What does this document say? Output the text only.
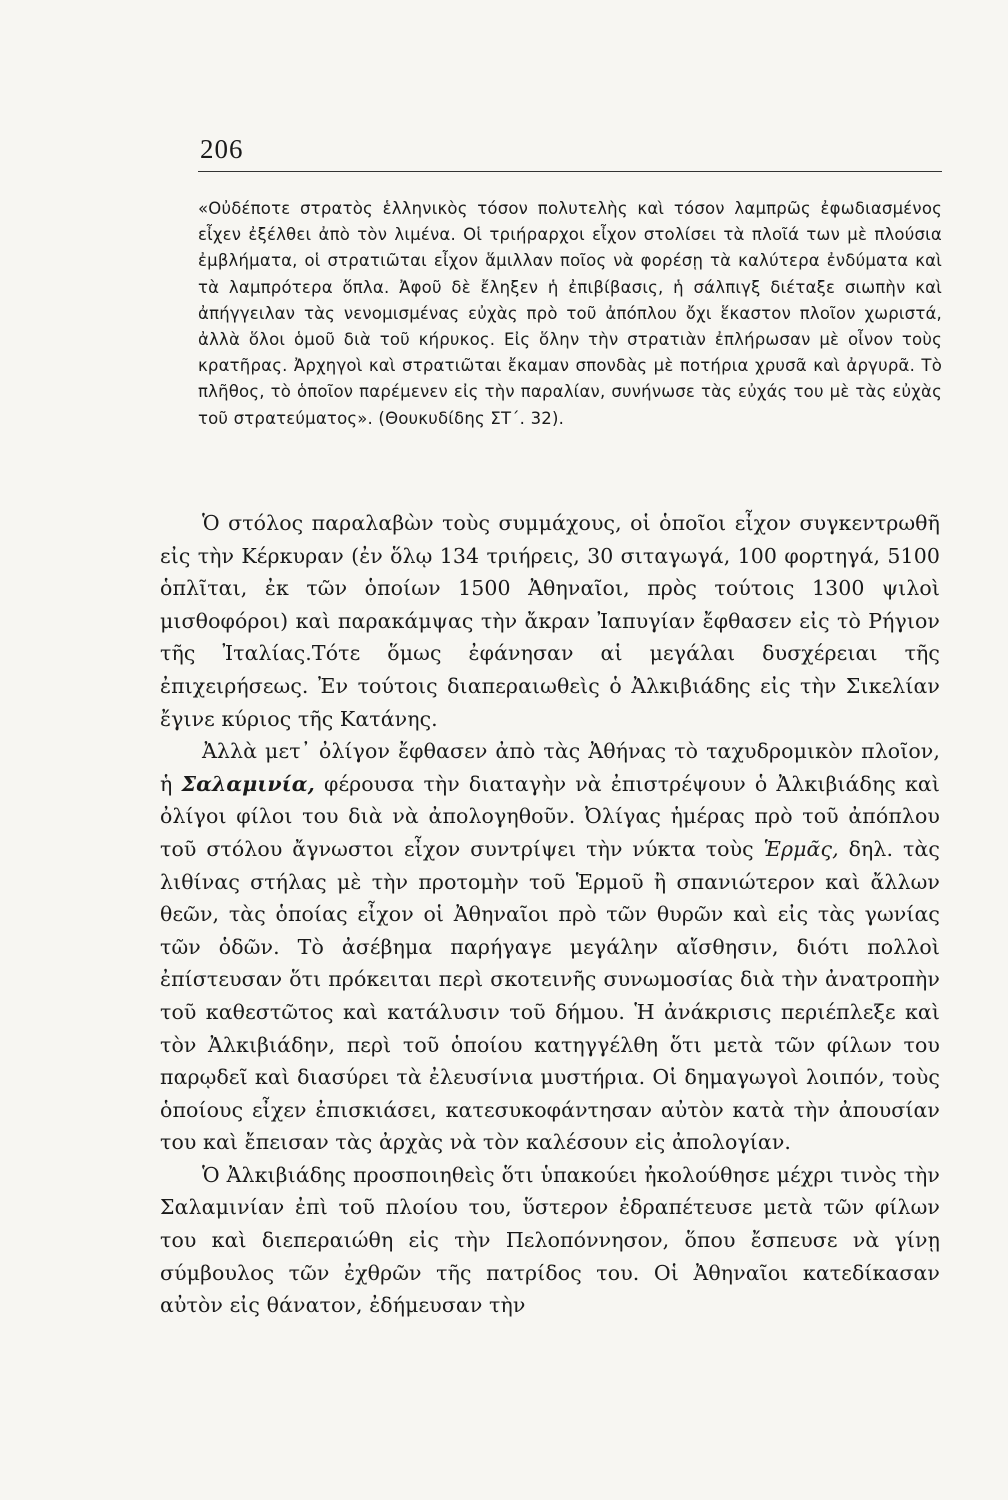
206
«Οὐδέποτε στρατὸς ἑλληνικὸς τόσον πολυτελὴς καὶ τόσον λαμπρῶς ἐφωδιασμένος εἶχεν ἐξέλθει ἀπὸ τὸν λιμένα. Οἱ τριήραρχοι εἶχον στολίσει τὰ πλοῖά των μὲ πλούσια ἐμβλήματα, οἱ στρατιῶται εἶχον ἅμιλλαν ποῖος νὰ φορέσῃ τὰ καλύτερα ἐνδύματα καὶ τὰ λαμπρότερα ὅπλα. Ἀφοῦ δὲ ἔληξεν ἡ ἐπιβίβασις, ἡ σάλπιγξ διέταξε σιωπὴν καὶ ἀπήγγειλαν τὰς νενομισμένας εὐχὰς πρὸ τοῦ ἀπόπλου ὄχι ἕκαστον πλοῖον χωριστά, ἀλλὰ ὅλοι ὁμοῦ διὰ τοῦ κήρυκος. Εἰς ὅλην τὴν στρατιὰν ἐπλήρωσαν μὲ οἶνον τοὺς κρατῆρας. Ἀρχηγοὶ καὶ στρατιῶται ἔκαμαν σπονδὰς μὲ ποτήρια χρυσᾶ καὶ ἀργυρᾶ. Τὸ πλῆθος, τὸ ὁποῖον παρέμενεν εἰς τὴν παραλίαν, συνήνωσε τὰς εὐχάς του μὲ τὰς εὐχὰς τοῦ στρατεύματος». (Θουκυδίδης ΣΤ΄. 32).

Ὁ στόλος παραλαβὼν τοὺς συμμάχους, οἱ ὁποῖοι εἶχον συγκεντρωθῆ εἰς τὴν Κέρκυραν (ἐν ὅλῳ 134 τριήρεις, 30 σιταγωγά, 100 φορτηγά, 5100 ὁπλῖται, ἐκ τῶν ὁποίων 1500 Ἀθηναῖοι, πρὸς τούτοις 1300 ψιλοὶ μισθοφόροι) καὶ παρακάμψας τὴν ἄκραν Ἰαπυγίαν ἔφθασεν εἰς τὸ Ρήγιον τῆς Ἰταλίας.Τότε ὅμως ἐφάνησαν αἱ μεγάλαι δυσχέρειαι τῆς ἐπιχειρήσεως. Ἐν τούτοις διαπεραιωθεὶς ὁ Ἀλκιβιάδης εἰς τὴν Σικελίαν ἔγινε κύριος τῆς Κατάνης.

Ἀλλὰ μετ᾽ ὀλίγον ἔφθασεν ἀπὸ τὰς Ἀθήνας τὸ ταχυδρομικὸν πλοῖον, ἡ Σαλαμινία, φέρουσα τὴν διαταγὴν νὰ ἐπιστρέψουν ὁ Ἀλκιβιάδης καὶ ὀλίγοι φίλοι του διὰ νὰ ἀπολογηθοῦν. Ὀλίγας ἡμέρας πρὸ τοῦ ἀπόπλου τοῦ στόλου ἄγνωστοι εἶχον συντρίψει τὴν νύκτα τοὺς Ἑρμᾶς, δηλ. τὰς λιθίνας στήλας μὲ τὴν προτομὴν τοῦ Ἑρμοῦ ἢ σπανιώτερον καὶ ἄλλων θεῶν, τὰς ὁποίας εἶχον οἱ Ἀθηναῖοι πρὸ τῶν θυρῶν καὶ εἰς τὰς γωνίας τῶν ὁδῶν. Τὸ ἀσέβημα παρήγαγε μεγάλην αἴσθησιν, διότι πολλοὶ ἐπίστευσαν ὅτι πρόκειται περὶ σκοτεινῆς συνωμοσίας διὰ τὴν ἀνατροπὴν τοῦ καθεστῶτος καὶ κατάλυσιν τοῦ δήμου. Ἡ ἀνάκρισις περιέπλεξε καὶ τὸν Ἀλκιβιάδην, περὶ τοῦ ὁποίου κατηγγέλθη ὅτι μετὰ τῶν φίλων του παρῳδεῖ καὶ διασύρει τὰ ἐλευσίνια μυστήρια. Οἱ δημαγωγοὶ λοιπόν, τοὺς ὁποίους εἶχεν ἐπισκιάσει, κατεσυκοφάντησαν αὐτὸν κατὰ τὴν ἀπουσίαν του καὶ ἔπεισαν τὰς ἀρχὰς νὰ τὸν καλέσουν εἰς ἀπολογίαν.

Ὁ Ἀλκιβιάδης προσποιηθεὶς ὅτι ὑπακούει ἠκολούθησε μέχρι τινὸς τὴν Σαλαμινίαν ἐπὶ τοῦ πλοίου του, ὕστερον ἐδραπέτευσε μετὰ τῶν φίλων του καὶ διεπεραιώθη εἰς τὴν Πελοπόννησον, ὅπου ἔσπευσε νὰ γίνῃ σύμβουλος τῶν ἐχθρῶν τῆς πατρίδος του. Οἱ Ἀθηναῖοι κατεδίκασαν αὐτὸν εἰς θάνατον, ἐδήμευσαν τὴν
